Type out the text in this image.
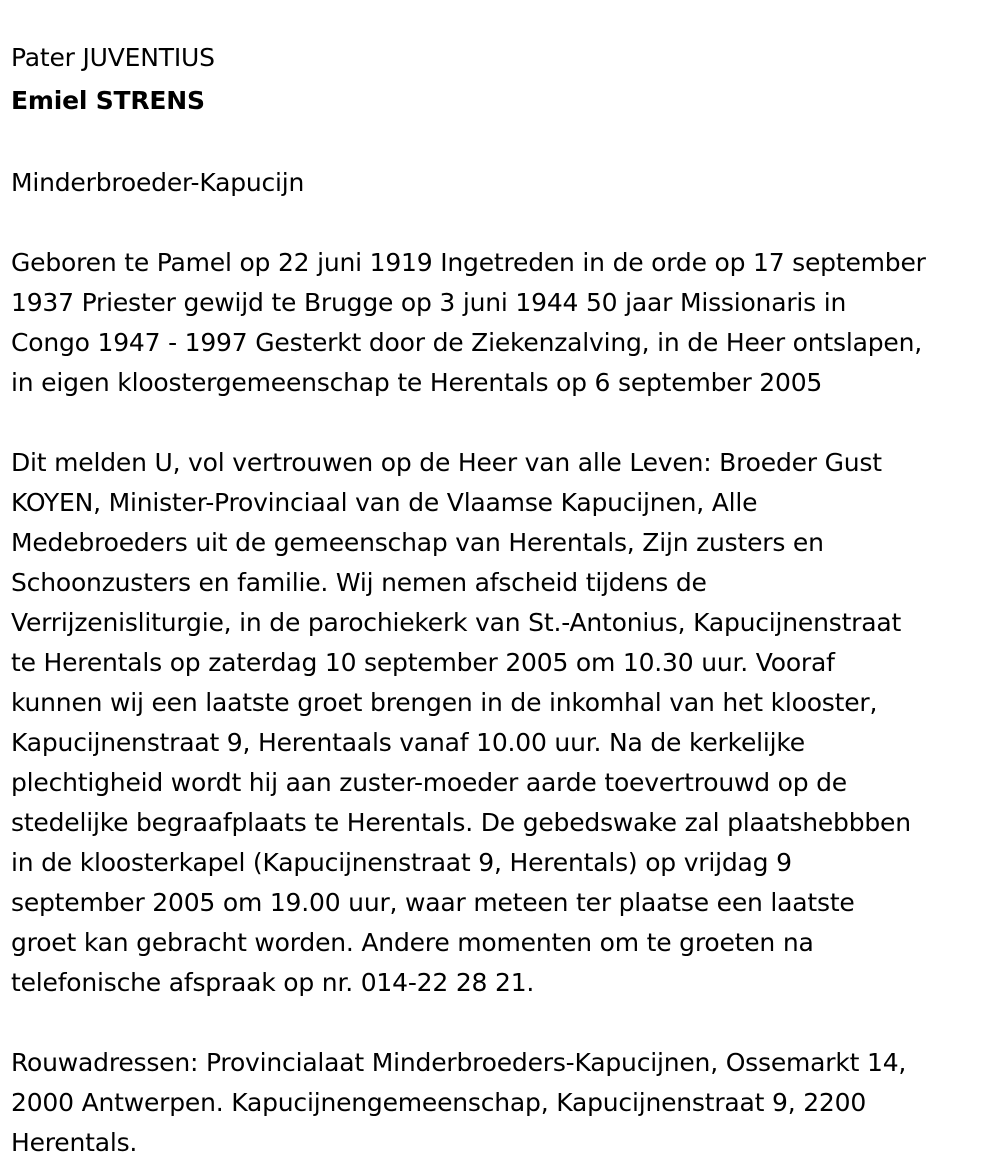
Pater JUVENTIUS
Emiel STRENS
Minderbroeder-Kapucijn
Geboren te Pamel op 22 juni 1919 Ingetreden in de orde op 17 september
1937 Priester gewijd te Brugge op 3 juni 1944 50 jaar Missionaris in
Congo 1947 - 1997 Gesterkt door de Ziekenzalving, in de Heer ontslapen,
in eigen kloostergemeenschap te Herentals op 6 september 2005
Dit melden U, vol vertrouwen op de Heer van alle Leven: Broeder Gust
KOYEN, Minister-Provinciaal van de Vlaamse Kapucijnen, Alle
Medebroeders uit de gemeenschap van Herentals, Zijn zusters en
Schoonzusters en familie. Wij nemen afscheid tijdens de
Verrijzenisliturgie, in de parochiekerk van St.-Antonius, Kapucijnenstraat
te Herentals op zaterdag 10 september 2005 om 10.30 uur. Vooraf
kunnen wij een laatste groet brengen in de inkomhal van het klooster,
Kapucijnenstraat 9, Herentaals vanaf 10.00 uur. Na de kerkelijke
plechtigheid wordt hij aan zuster-moeder aarde toevertrouwd op de
stedelijke begraafplaats te Herentals. De gebedswake zal plaatshebbben
in de kloosterkapel (Kapucijnenstraat 9, Herentals) op vrijdag 9
september 2005 om 19.00 uur, waar meteen ter plaatse een laatste
groet kan gebracht worden. Andere momenten om te groeten na
telefonische afspraak op nr. 014-22 28 21.
Rouwadressen: Provincialaat Minderbroeders-Kapucijnen, Ossemarkt 14,
2000 Antwerpen. Kapucijnengemeenschap, Kapucijnenstraat 9, 2200
Herentals.
